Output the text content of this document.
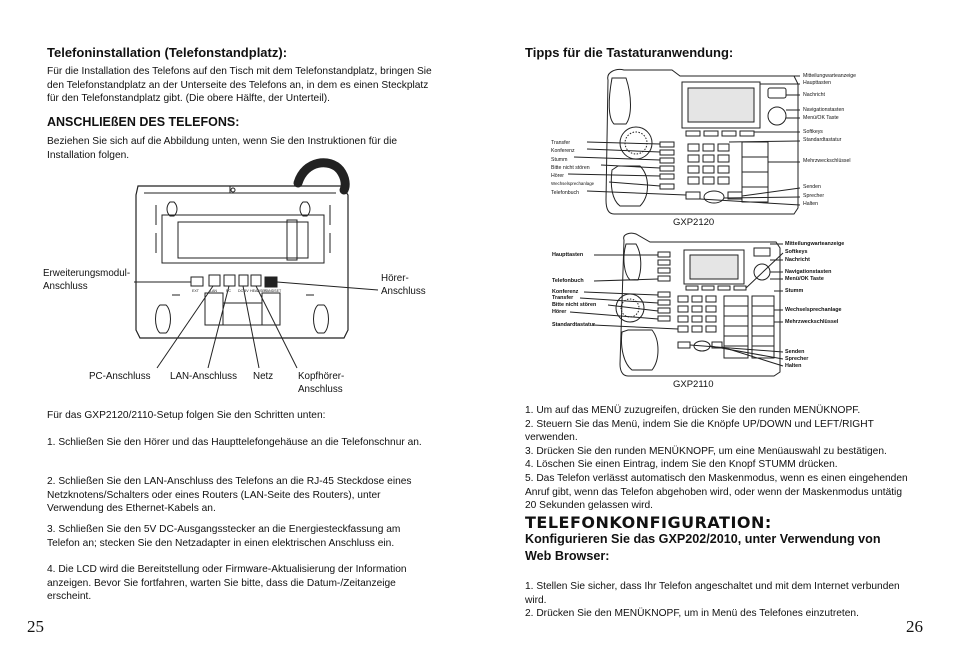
Telefoninstallation (Telefonstandplatz):
Für die Installation des Telefons auf den Tisch mit dem Telefonstandplatz, bringen Sie den Telefonstandplatz an der Unterseite des Telefons an, in dem es einen Steckplatz für den Telefonstandplatz gibt. (Die obere Hälfte, der Unterteil).
ANSCHLIEßEN DES TELEFONS:
Beziehen Sie sich auf die Abbildung unten, wenn Sie den Instruktionen für die Installation folgen.
EXT	LAN	PC DC 5V HEADSET
HANDSET
Erweiterungsmodul-Anschluss
Hörer-Anschluss
PC-Anschluss LAN-Anschluss Netz	Kopfhörer-Anschluss
Für das GXP2120/2110-Setup folgen Sie den Schritten unten:
1. Schließen Sie den Hörer und das Haupttelefongehäuse an die Telefonschnur an.
2. Schließen Sie den LAN-Anschluss des Telefons an die RJ-45 Steckdose eines Netzknotens/Schalters oder eines Routers (LAN-Seite des Routers), unter Verwendung des Ethernet-Kabels an.
3. Schließen Sie den 5V DC-Ausgangsstecker an die Energiesteckfassung am Telefon an; stecken Sie den Netzadapter in einen elektrischen Anschluss ein.
4. Die LCD wird die Bereitstellung oder Firmware-Aktualisierung der Information anzeigen. Bevor Sie fortfahren, warten Sie bitte, dass die Datum-/Zeitanzeige erscheint.
25
Tipps für die Tastaturanwendung:
Transfer
Konferenz
Stumm
Bitte nicht stören
Hörer
Wechselsprechanlage
Telefonbuch
Mitteilungwarteanzeige
Haupttasten
Nachricht
Navigationstasten
Menü/OK Taste
Softkeys
Standardtastatur
Mehrzweckschlüssel
Senden
Sprecher
Halten
GXP2120
Haupttasten
Telefonbuch
Konferenz
Transfer
Bitte nicht stören
Hörer
Standardtastatur
Mitteilungwarteanzeige
Softkeys
Nachricht
Navigationstasten
Menü/OK Taste
Stumm
Wechselsprechanlage
Mehrzweckschlüssel
Senden
Sprecher
Halten
GXP2110
1. Um auf das MENÜ zuzugreifen, drücken Sie den runden MENÜKNOPF.
2. Steuern Sie das Menü, indem Sie die Knöpfe UP/DOWN und LEFT/RIGHT verwenden.
3. Drücken Sie den runden MENÜKNOPF, um eine Menüauswahl zu bestätigen.
4. Löschen Sie einen Eintrag, indem Sie den Knopf STUMM drücken.
5. Das Telefon verlässt automatisch den Maskenmodus, wenn es einen eingehenden Anruf gibt, wenn das Telefon abgehoben wird, oder wenn der Maskenmodus untätig 20 Sekunden gelassen wird.
TELEFONKONFIGURATION:
Konfigurieren Sie das GXP202/2010, unter Verwendung von Web Browser:
1. Stellen Sie sicher, dass Ihr Telefon angeschaltet und mit dem Internet verbunden wird.
2. Drücken Sie den MENÜKNOPF, um in Menü des Telefones einzutreten.
26
